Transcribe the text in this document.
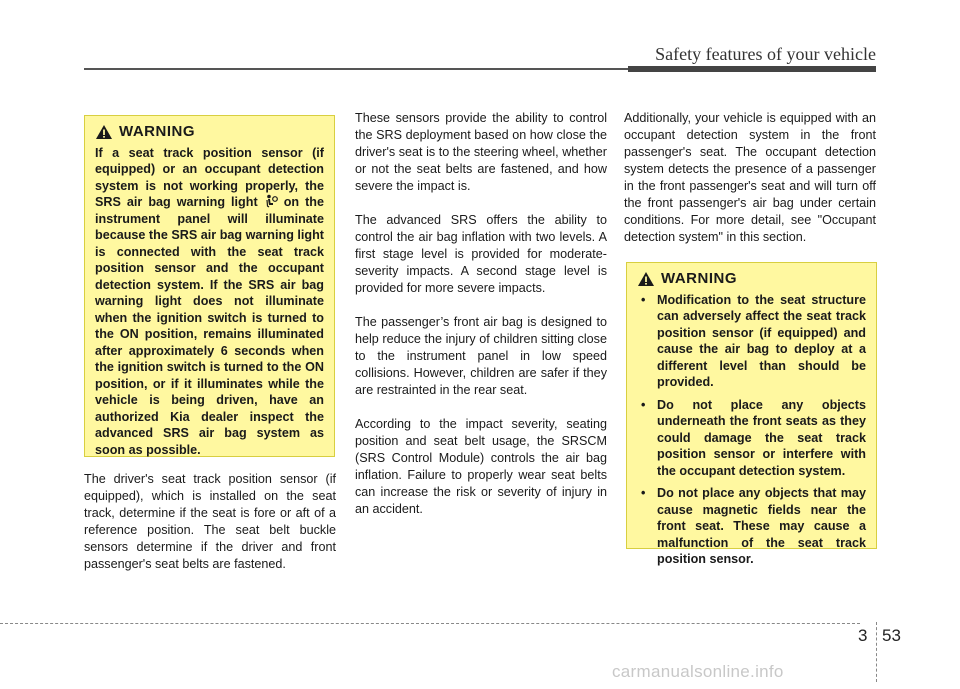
Safety features of your vehicle
WARNING
If a seat track position sensor (if equipped) or an occupant detection system is not working properly, the SRS air bag warning light on the instrument panel will illuminate because the SRS air bag warning light is connected with the seat track position sensor and the occupant detection system. If the SRS air bag warning light does not illuminate when the ignition switch is turned to the ON position, remains illuminated after approximately 6 seconds when the ignition switch is turned to the ON position, or if it illuminates while the vehicle is being driven, have an authorized Kia dealer inspect the advanced SRS air bag system as soon as possible.

The driver's seat track position sensor (if equipped), which is installed on the seat track, determine if the seat is fore or aft of a reference position. The seat belt buckle sensors determine if the driver and front passenger's seat belts are fastened.

These sensors provide the ability to control the SRS deployment based on how close the driver's seat is to the steering wheel, whether or not the seat belts are fastened, and how severe the impact is.

The advanced SRS offers the ability to control the air bag inflation with two levels. A first stage level is provided for moderate-severity impacts. A second stage level is provided for more severe impacts.

The passenger’s front air bag is designed to help reduce the injury of children sitting close to the instrument panel in low speed collisions. However, children are safer if they are restrainted in the rear seat.

According to the impact severity, seating position and seat belt usage, the SRSCM (SRS Control Module) controls the air bag inflation. Failure to properly wear seat belts can increase the risk or severity of injury in an accident.

Additionally, your vehicle is equipped with an occupant detection system in the front passenger's seat. The occupant detection system detects the presence of a passenger in the front passenger's seat and will turn off the front passenger's air bag under certain conditions. For more detail, see "Occupant detection system" in this section.

WARNING
• Modification to the seat structure can adversely affect the seat track position sensor (if equipped) and cause the air bag to deploy at a different level than should be provided.
• Do not place any objects underneath the front seats as they could damage the seat track position sensor or interfere with the occupant detection system.
• Do not place any objects that may cause magnetic fields near the front seat. These may cause a malfunction of the seat track position sensor.
3 53
carmanualsonline.info
